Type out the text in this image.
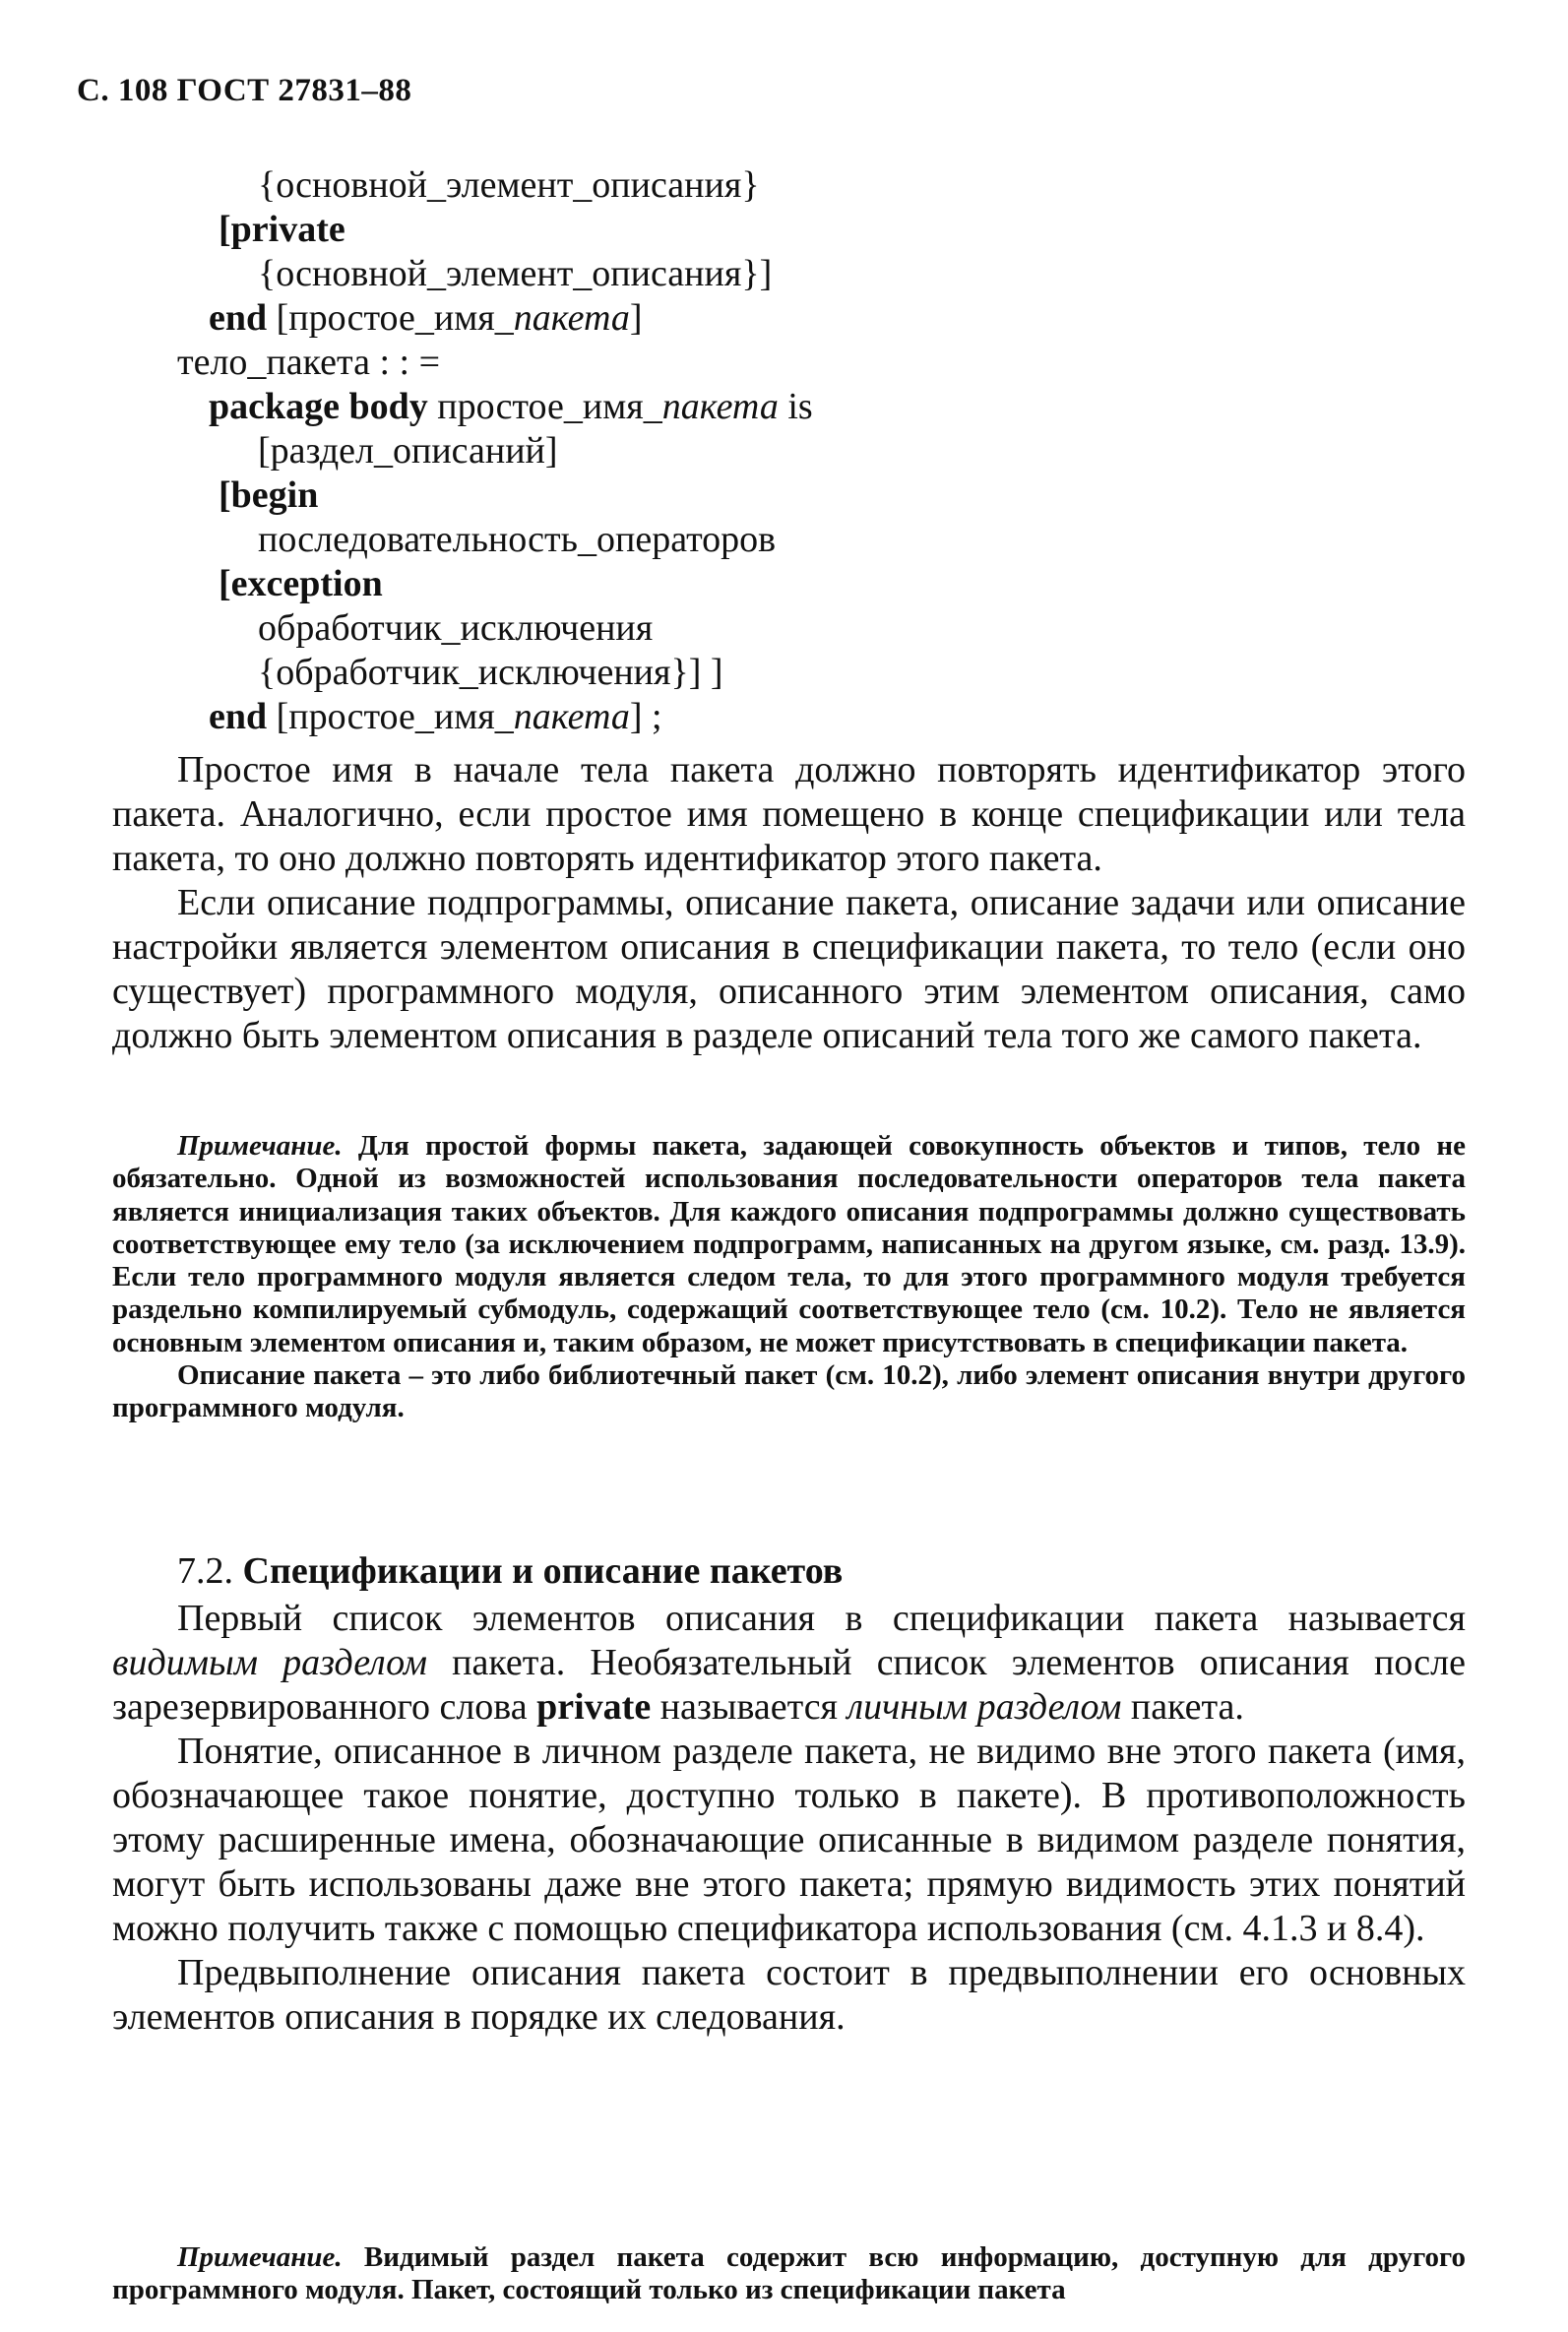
С. 108 ГОСТ 27831–88
{основной_элемент_описания}
[private
{основной_элемент_описания}]
end [простое_имя_пакета]
тело_пакета : : =
package body простое_имя_пакета is
[раздел_описаний]
[begin
последовательность_операторов
[exception
обработчик_исключения
{обработчик_исключения}] ]
end [простое_имя_пакета] ;

Простое имя в начале тела пакета должно повторять идентификатор этого пакета. Аналогично, если простое имя помещено в конце спецификации или тела пакета, то оно должно повторять идентификатор этого пакета.

Если описание подпрограммы, описание пакета, описание задачи или описание настройки является элементом описания в спецификации пакета, то тело (если оно существует) программного модуля, описанного этим элементом описания, само должно быть элементом описания в разделе описаний тела того же самого пакета.

Примечание. Для простой формы пакета, задающей совокупность объектов и типов, тело не обязательно. Одной из возможностей использования последовательности операторов тела пакета является инициализация таких объектов. Для каждого описания подпрограммы должно существовать соответствующее ему тело (за исключением подпрограмм, написанных на другом языке, см. разд. 13.9). Если тело программного модуля является следом тела, то для этого программного модуля требуется раздельно компилируемый субмодуль, содержащий соответствующее тело (см. 10.2). Тело не является основным элементом описания и, таким образом, не может присутствовать в спецификации пакета.

Описание пакета – это либо библиотечный пакет (см. 10.2), либо элемент описания внутри другого программного модуля.

7.2. Спецификации и описание пакетов

Первый список элементов описания в спецификации пакета называется видимым разделом пакета. Необязательный список элементов описания после зарезервированного слова private называется личным разделом пакета.

Понятие, описанное в личном разделе пакета, не видимо вне этого пакета (имя, обозначающее такое понятие, доступно только в пакете). В противоположность этому расширенные имена, обозначающие описанные в видимом разделе понятия, могут быть использованы даже вне этого пакета; прямую видимость этих понятий можно получить также с помощью спецификатора использования (см. 4.1.3 и 8.4).

Предвыполнение описания пакета состоит в предвыполнении его основных элементов описания в порядке их следования.

Примечание. Видимый раздел пакета содержит всю информацию, доступную для другого программного модуля. Пакет, состоящий только из спецификации пакета
